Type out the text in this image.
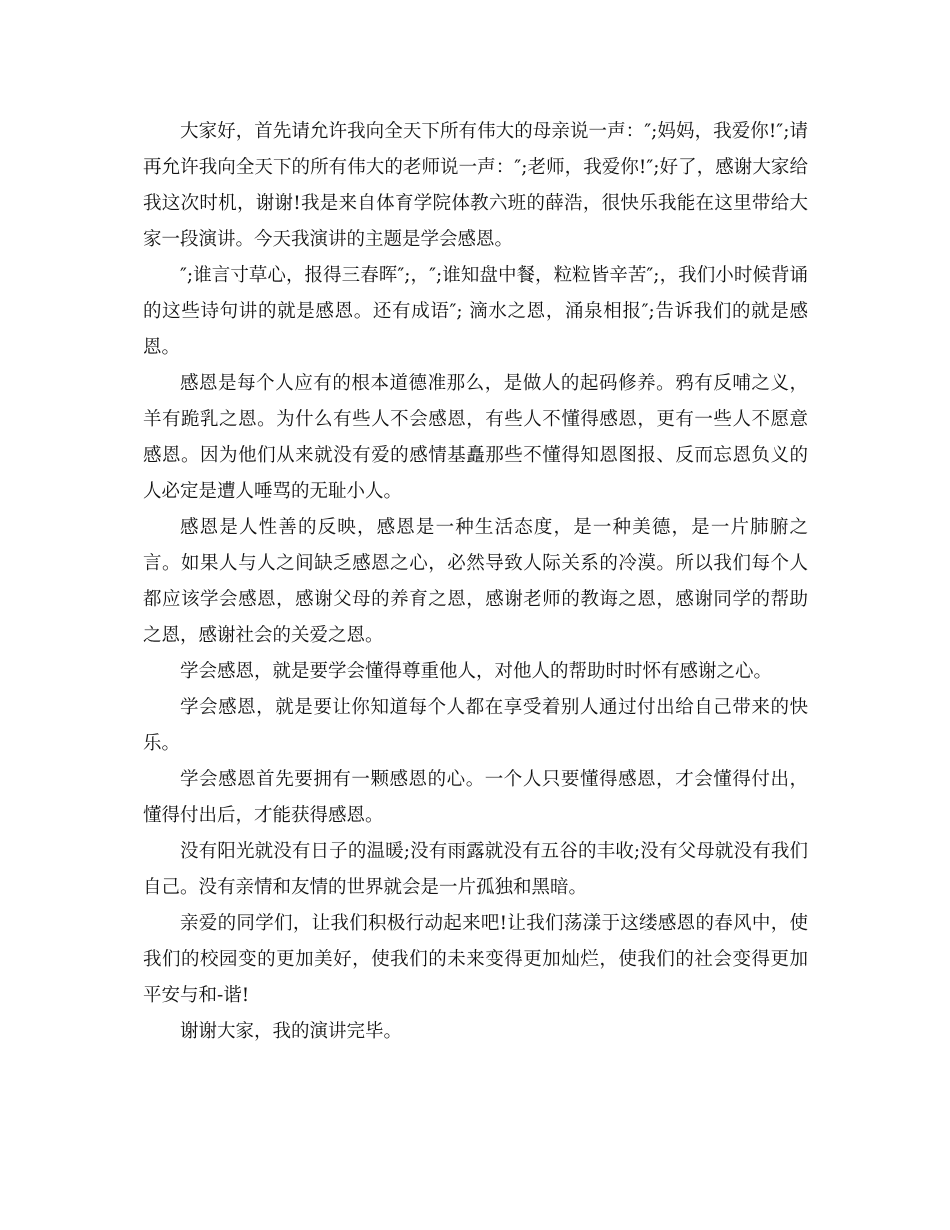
大家好，首先请允许我向全天下所有伟大的母亲说一声：″;妈妈，我爱你!″;请再允许我向全天下的所有伟大的老师说一声：″;老师，我爱你!″;好了，感谢大家给我这次时机，谢谢!我是来自体育学院体教六班的薛浩，很快乐我能在这里带给大家一段演讲。今天我演讲的主题是学会感恩。

″;谁言寸草心，报得三春晖″;，″;谁知盘中餐，粒粒皆辛苦″;，我们小时候背诵的这些诗句讲的就是感恩。还有成语″; 滴水之恩，涌泉相报″;告诉我们的就是感恩。

感恩是每个人应有的根本道德准那么，是做人的起码修养。鸦有反哺之义，羊有跪乳之恩。为什么有些人不会感恩，有些人不懂得感恩，更有一些人不愿意感恩。因为他们从来就没有爱的感情基矗那些不懂得知恩图报、反而忘恩负义的人必定是遭人唾骂的无耻小人。

感恩是人性善的反映，感恩是一种生活态度，是一种美德，是一片肺腑之言。如果人与人之间缺乏感恩之心，必然导致人际关系的冷漠。所以我们每个人都应该学会感恩，感谢父母的养育之恩，感谢老师的教诲之恩，感谢同学的帮助之恩，感谢社会的关爱之恩。

学会感恩，就是要学会懂得尊重他人，对他人的帮助时时怀有感谢之心。

学会感恩，就是要让你知道每个人都在享受着别人通过付出给自己带来的快乐。

学会感恩首先要拥有一颗感恩的心。一个人只要懂得感恩，才会懂得付出，懂得付出后，才能获得感恩。

没有阳光就没有日子的温暖;没有雨露就没有五谷的丰收;没有父母就没有我们自己。没有亲情和友情的世界就会是一片孤独和黑暗。

亲爱的同学们，让我们积极行动起来吧!让我们荡漾于这缕感恩的春风中，使我们的校园变的更加美好，使我们的未来变得更加灿烂，使我们的社会变得更加平安与和-谐!

谢谢大家，我的演讲完毕。
